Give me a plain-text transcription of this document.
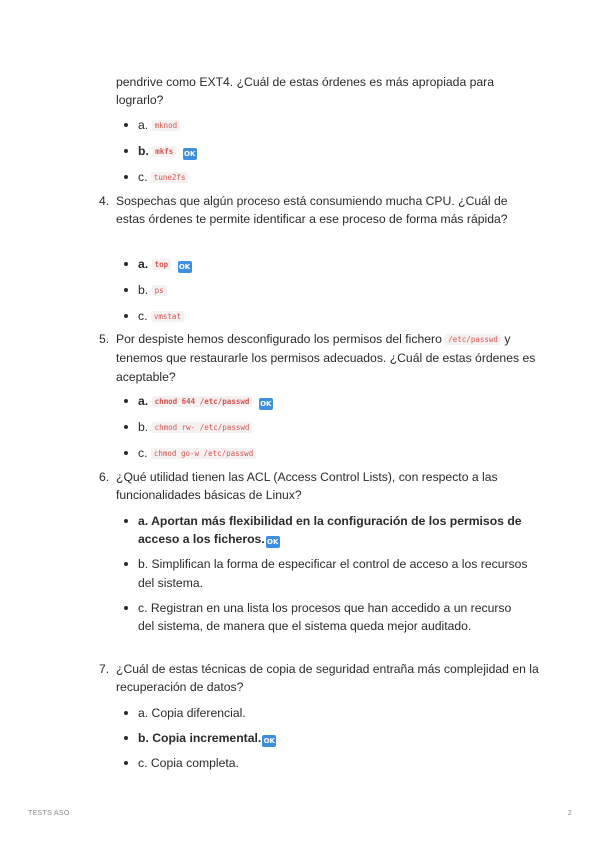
pendrive como EXT4. ¿Cuál de estas órdenes es más apropiada para
lograrlo?
a. mknod
b. mkfs OK
c. tune2fs
4. Sospechas que algún proceso está consumiendo mucha CPU. ¿Cuál de estas órdenes te permite identificar a ese proceso de forma más rápida?
a. top OK
b. ps
c. vmstat
5. Por despiste hemos desconfigurado los permisos del fichero /etc/passwd y tenemos que restaurarle los permisos adecuados. ¿Cuál de estas órdenes es aceptable?
a. chmod 644 /etc/passwd OK
b. chmod rw- /etc/passwd
c. chmod go-w /etc/passwd
6. ¿Qué utilidad tienen las ACL (Access Control Lists), con respecto a las funcionalidades básicas de Linux?
a. Aportan más flexibilidad en la configuración de los permisos de acceso a los ficheros. OK
b. Simplifican la forma de especificar el control de acceso a los recursos del sistema.
c. Registran en una lista los procesos que han accedido a un recurso del sistema, de manera que el sistema queda mejor auditado.
7. ¿Cuál de estas técnicas de copia de seguridad entraña más complejidad en la recuperación de datos?
a. Copia diferencial.
b. Copia incremental. OK
c. Copia completa.
TESTS ASO	2
